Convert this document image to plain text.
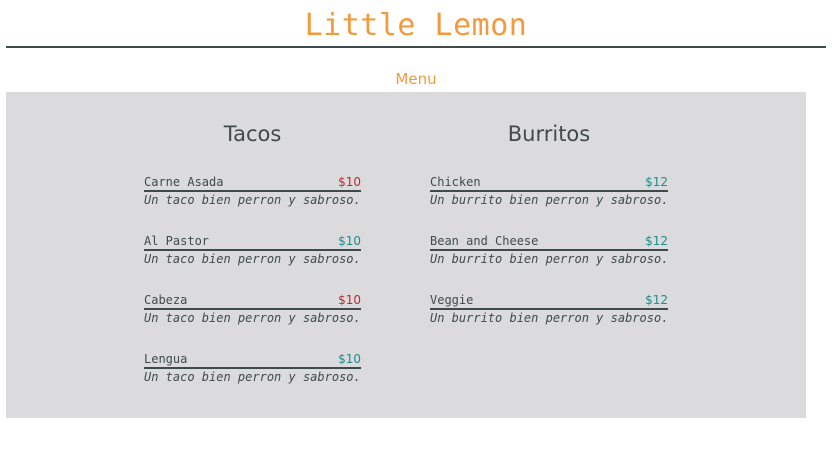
Little Lemon
Menu
Tacos
Carne Asada	$10
Un taco bien perron y sabroso.
Al Pastor	$10
Un taco bien perron y sabroso.
Cabeza	$10
Un taco bien perron y sabroso.
Lengua	$10
Un taco bien perron y sabroso.
Burritos
Chicken	$12
Un burrito bien perron y sabroso.
Bean and Cheese	$12
Un burrito bien perron y sabroso.
Veggie	$12
Un burrito bien perron y sabroso.
